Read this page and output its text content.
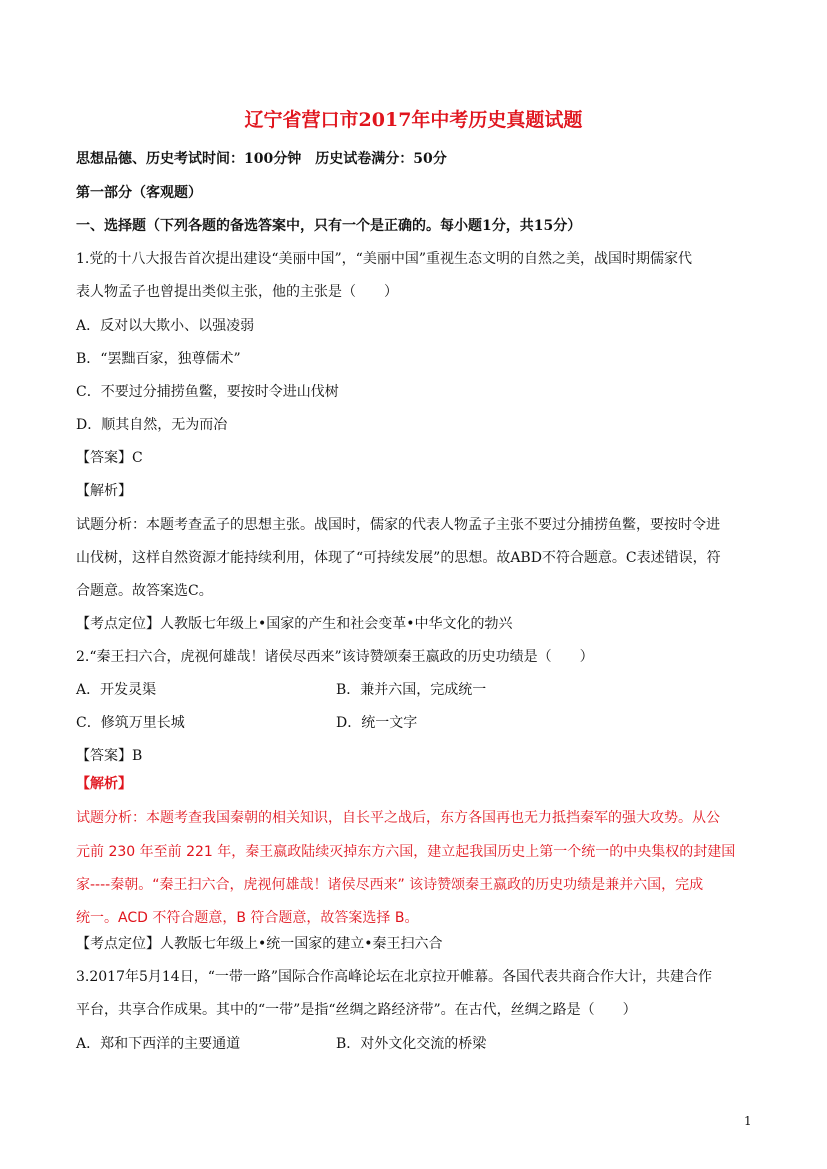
辽宁省营口市2017年中考历史真题试题
思想品德、历史考试时间：100分钟　历史试卷满分：50分
第一部分（客观题）
一、选择题（下列各题的备选答案中，只有一个是正确的。每小题1分，共15分）
1.党的十八大报告首次提出建设“美丽中国”，“美丽中国”重视生态文明的自然之美，战国时期儒家代
表人物孟子也曾提出类似主张，他的主张是（　　）
A．反对以大欺小、以强凌弱
B．“罢黜百家，独尊儒术”
C．不要过分捕捞鱼鳖，要按时令进山伐树
D．顺其自然，无为而冶
【答案】C
【解析】
试题分析：本题考查孟子的思想主张。战国时，儒家的代表人物孟子主张不要过分捕捞鱼鳖，要按时令进
山伐树，这样自然资源才能持续利用，体现了“可持续发展”的思想。故ABD不符合题意。C表述错误，符
合题意。故答案选C。
【考点定位】人教版七年级上•国家的产生和社会变革•中华文化的勃兴
2.“秦王扫六合，虎视何雄哉！诸侯尽西来”该诗赞颂秦王嬴政的历史功绩是（　　）
A．开发灵渠	B．兼并六国，完成统一
C．修筑万里长城	D．统一文字
【答案】B
【解析】
试题分析：本题考查我国秦朝的相关知识，自长平之战后，东方各国再也无力抵挡秦军的强大攻势。从公
元前 230 年至前 221 年，秦王嬴政陆续灭掉东方六国，建立起我国历史上第一个统一的中央集权的封建国
家----秦朝。“秦王扫六合，虎视何雄哉！诸侯尽西来” 该诗赞颂秦王嬴政的历史功绩是兼并六国，完成
统一。ACD 不符合题意，B 符合题意，故答案选择 B。
【考点定位】人教版七年级上•统一国家的建立•秦王扫六合
3.2017年5月14日，“一带一路”国际合作高峰论坛在北京拉开帷幕。各国代表共商合作大计，共建合作
平台，共享合作成果。其中的“一带”是指“丝绸之路经济带”。在古代，丝绸之路是（　　）
A．郑和下西洋的主要通道	B．对外文化交流的桥梁
1
